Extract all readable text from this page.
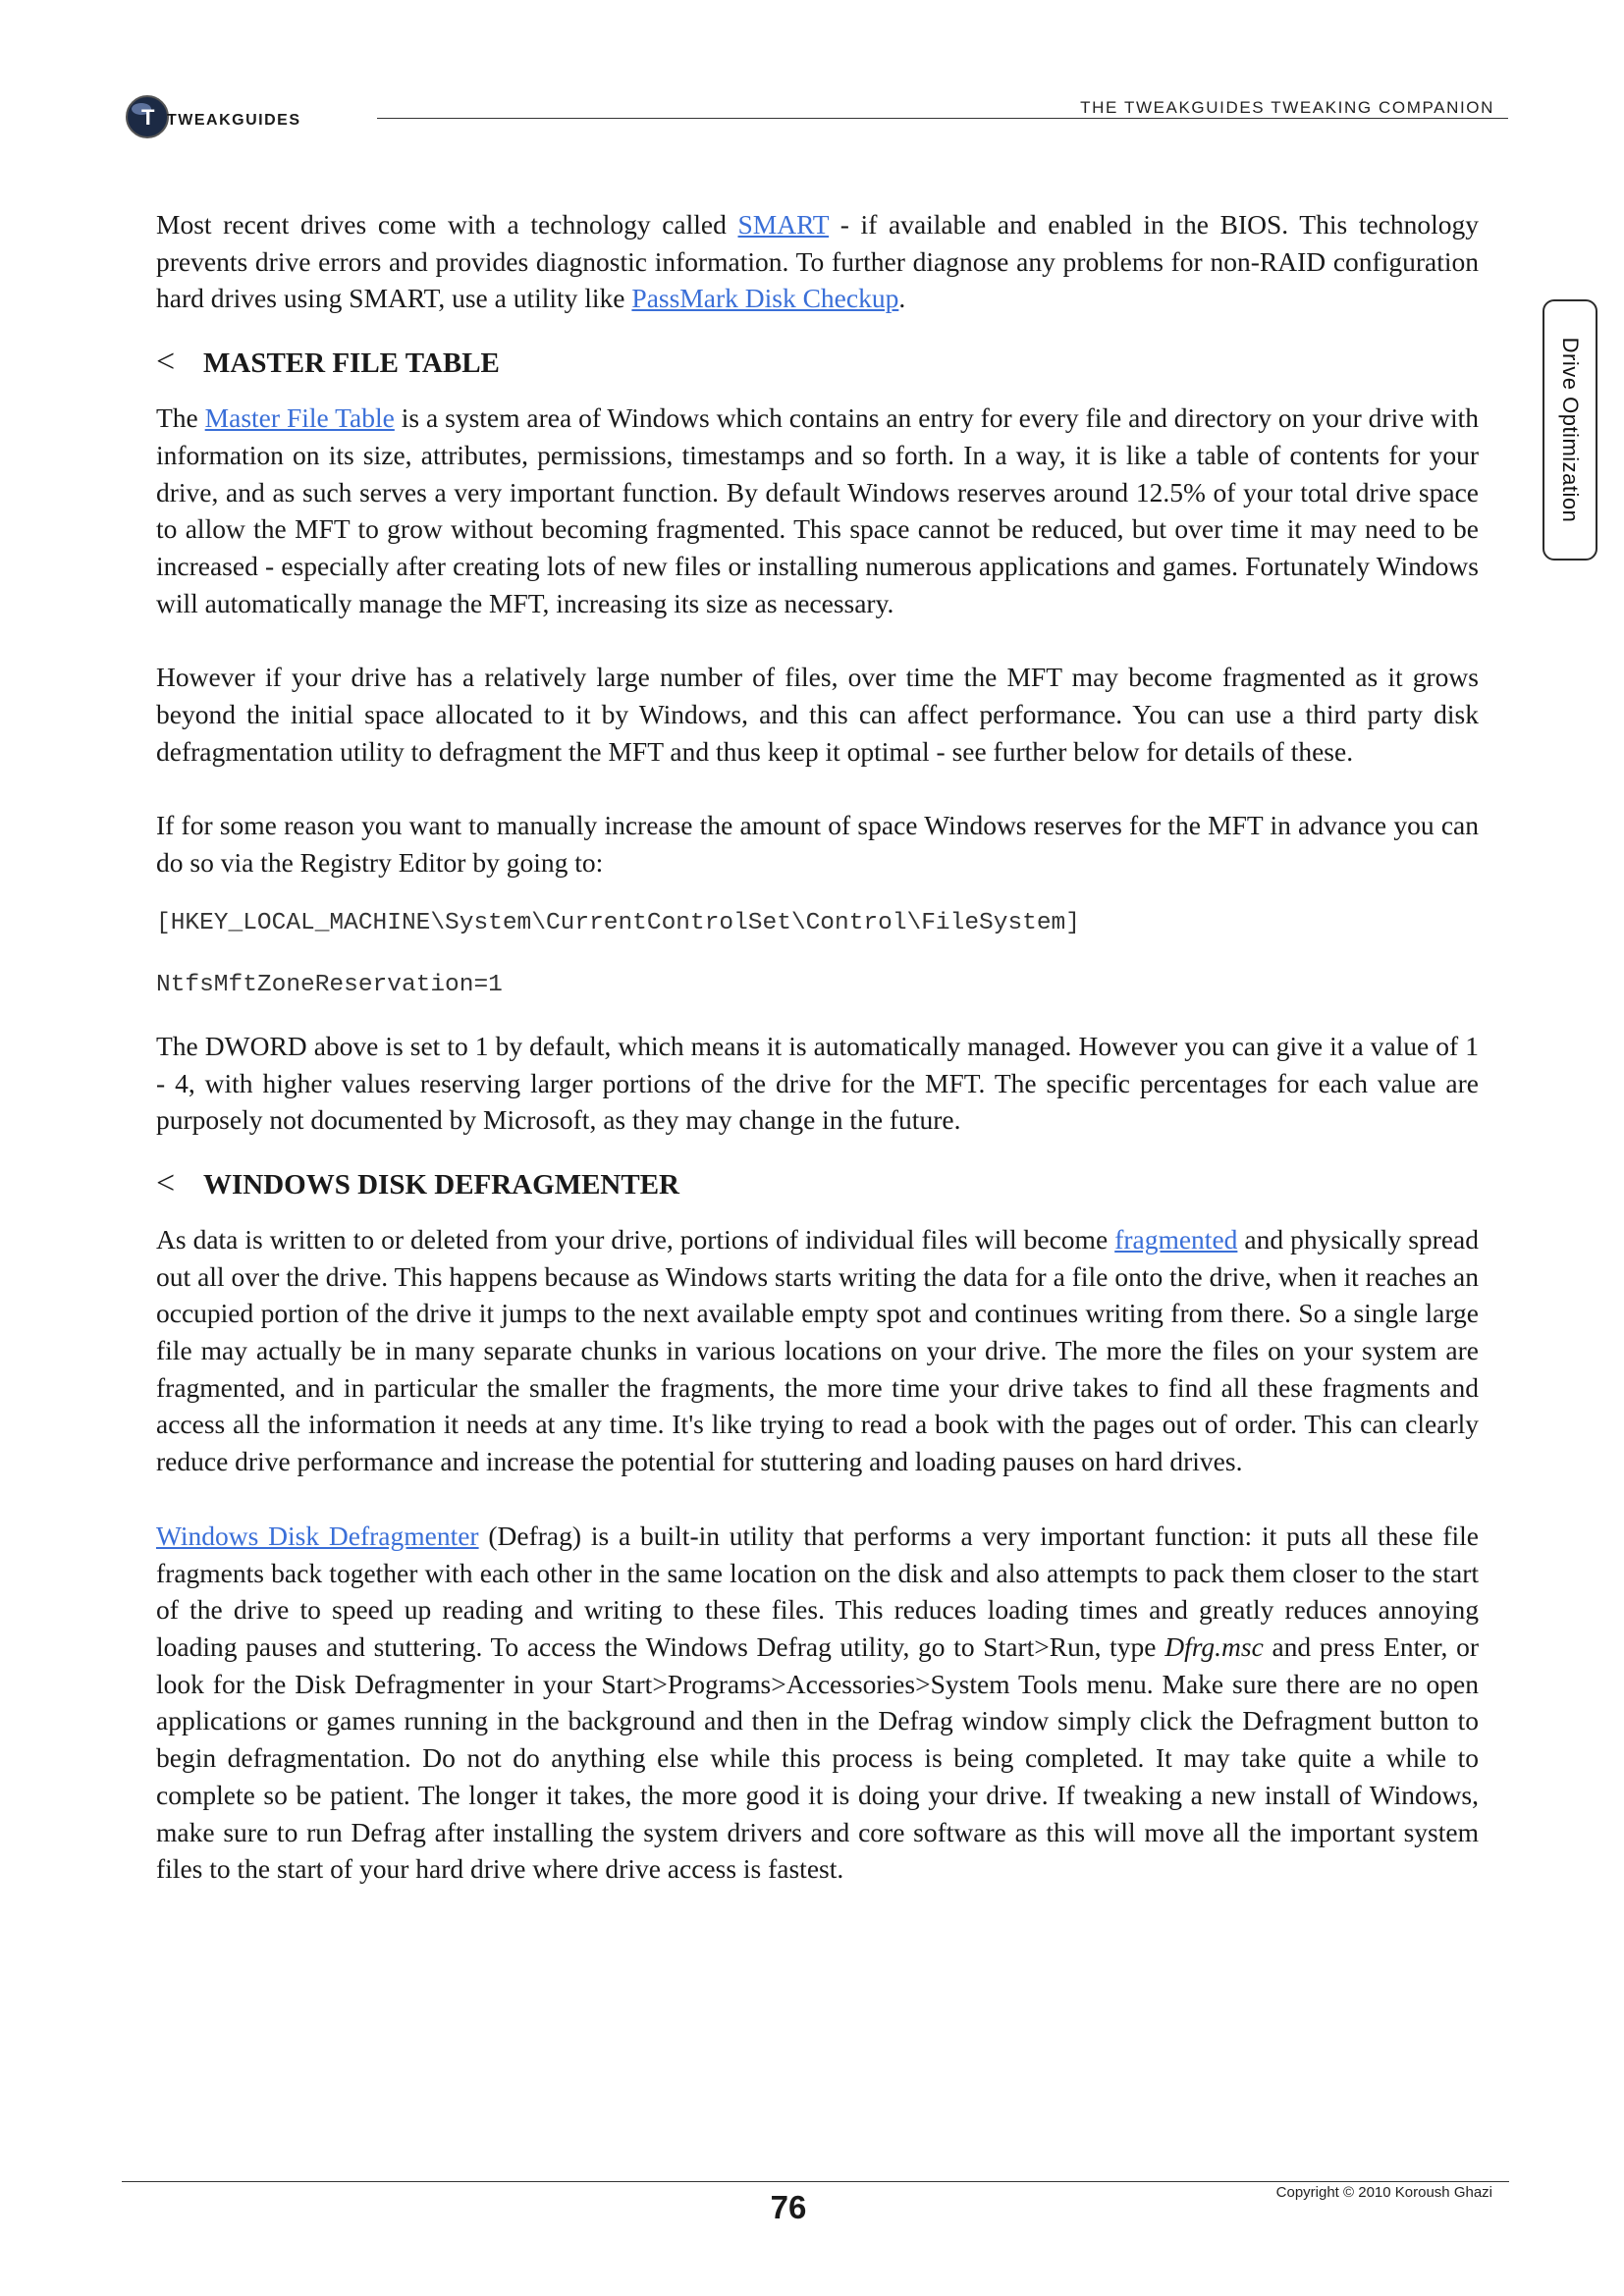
T TWEAKGUIDES
THE TWEAKGUIDES TWEAKING COMPANION
Drive Optimization

Most recent drives come with a technology called SMART - if available and enabled in the BIOS. This technology prevents drive errors and provides diagnostic information. To further diagnose any problems for non-RAID configuration hard drives using SMART, use a utility like PassMark Disk Checkup.

< MASTER FILE TABLE

The Master File Table is a system area of Windows which contains an entry for every file and directory on your drive with information on its size, attributes, permissions, timestamps and so forth. In a way, it is like a table of contents for your drive, and as such serves a very important function. By default Windows reserves around 12.5% of your total drive space to allow the MFT to grow without becoming fragmented. This space cannot be reduced, but over time it may need to be increased - especially after creating lots of new files or installing numerous applications and games. Fortunately Windows will automatically manage the MFT, increasing its size as necessary.

However if your drive has a relatively large number of files, over time the MFT may become fragmented as it grows beyond the initial space allocated to it by Windows, and this can affect performance. You can use a third party disk defragmentation utility to defragment the MFT and thus keep it optimal - see further below for details of these.

If for some reason you want to manually increase the amount of space Windows reserves for the MFT in advance you can do so via the Registry Editor by going to:

[HKEY_LOCAL_MACHINE\System\CurrentControlSet\Control\FileSystem]
NtfsMftZoneReservation=1

The DWORD above is set to 1 by default, which means it is automatically managed. However you can give it a value of 1 - 4, with higher values reserving larger portions of the drive for the MFT. The specific percentages for each value are purposely not documented by Microsoft, as they may change in the future.

< WINDOWS DISK DEFRAGMENTER

As data is written to or deleted from your drive, portions of individual files will become fragmented and physically spread out all over the drive. This happens because as Windows starts writing the data for a file onto the drive, when it reaches an occupied portion of the drive it jumps to the next available empty spot and continues writing from there. So a single large file may actually be in many separate chunks in various locations on your drive. The more the files on your system are fragmented, and in particular the smaller the fragments, the more time your drive takes to find all these fragments and access all the information it needs at any time. It's like trying to read a book with the pages out of order. This can clearly reduce drive performance and increase the potential for stuttering and loading pauses on hard drives.

Windows Disk Defragmenter (Defrag) is a built-in utility that performs a very important function: it puts all these file fragments back together with each other in the same location on the disk and also attempts to pack them closer to the start of the drive to speed up reading and writing to these files. This reduces loading times and greatly reduces annoying loading pauses and stuttering. To access the Windows Defrag utility, go to Start>Run, type Dfrg.msc and press Enter, or look for the Disk Defragmenter in your Start>Programs>Accessories>System Tools menu. Make sure there are no open applications or games running in the background and then in the Defrag window simply click the Defragment button to begin defragmentation. Do not do anything else while this process is being completed. It may take quite a while to complete so be patient. The longer it takes, the more good it is doing your drive. If tweaking a new install of Windows, make sure to run Defrag after installing the system drivers and core software as this will move all the important system files to the start of your hard drive where drive access is fastest.

76	Copyright © 2010 Koroush Ghazi
